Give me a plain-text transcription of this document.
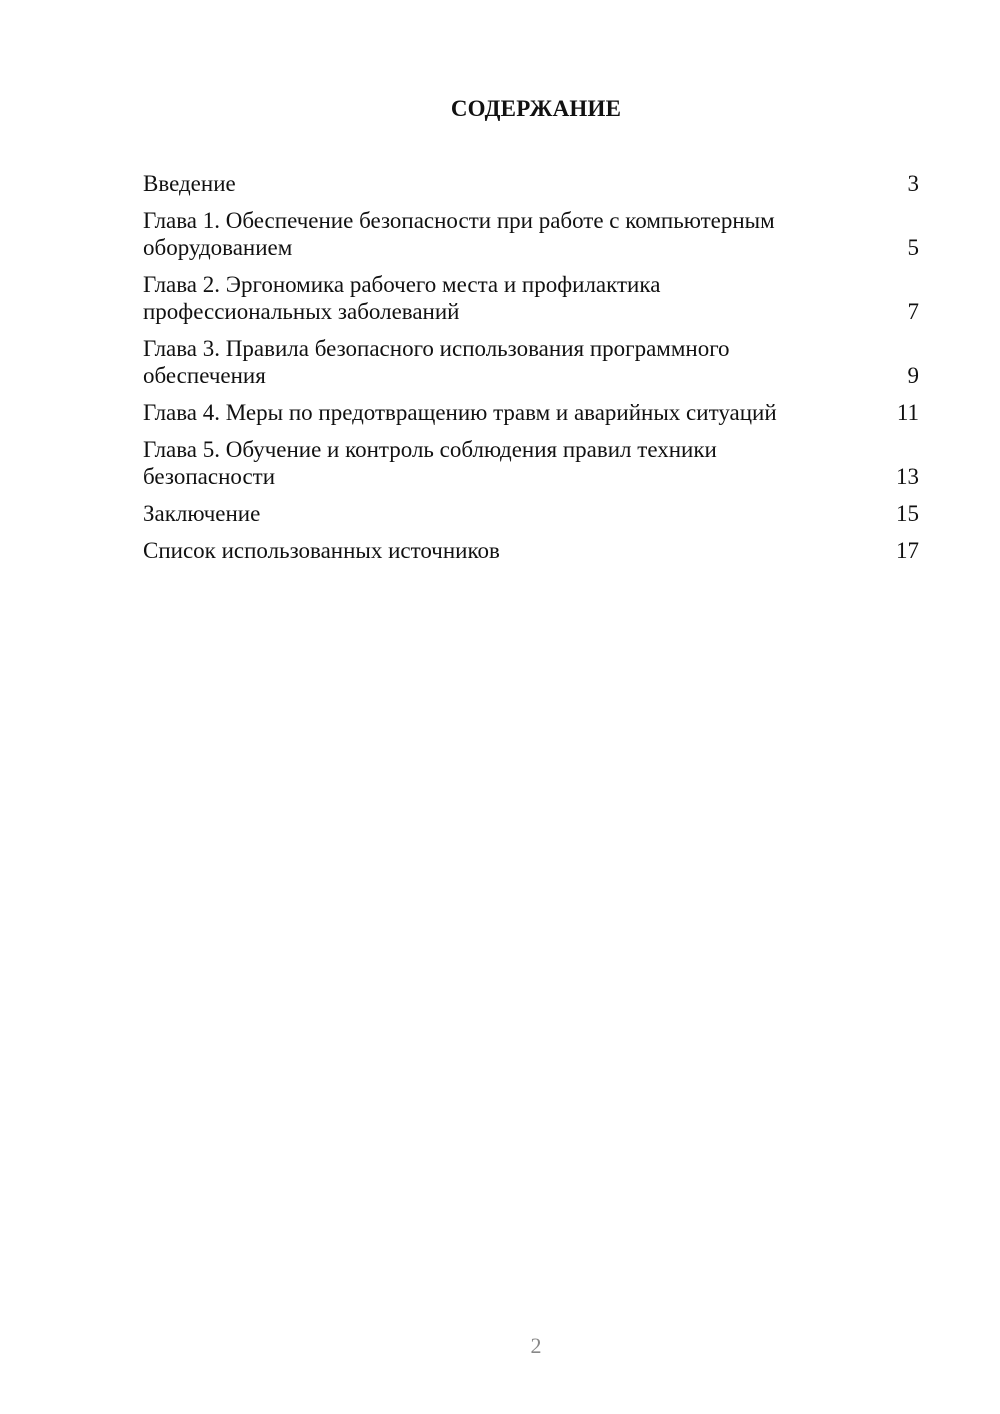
СОДЕРЖАНИЕ
Введение	3
Глава 1. Обеспечение безопасности при работе с компьютерным оборудованием	5
Глава 2. Эргономика рабочего места и профилактика профессиональных заболеваний	7
Глава 3. Правила безопасного использования программного обеспечения	9
Глава 4. Меры по предотвращению травм и аварийных ситуаций	11
Глава 5. Обучение и контроль соблюдения правил техники безопасности	13
Заключение	15
Список использованных источников	17
2
